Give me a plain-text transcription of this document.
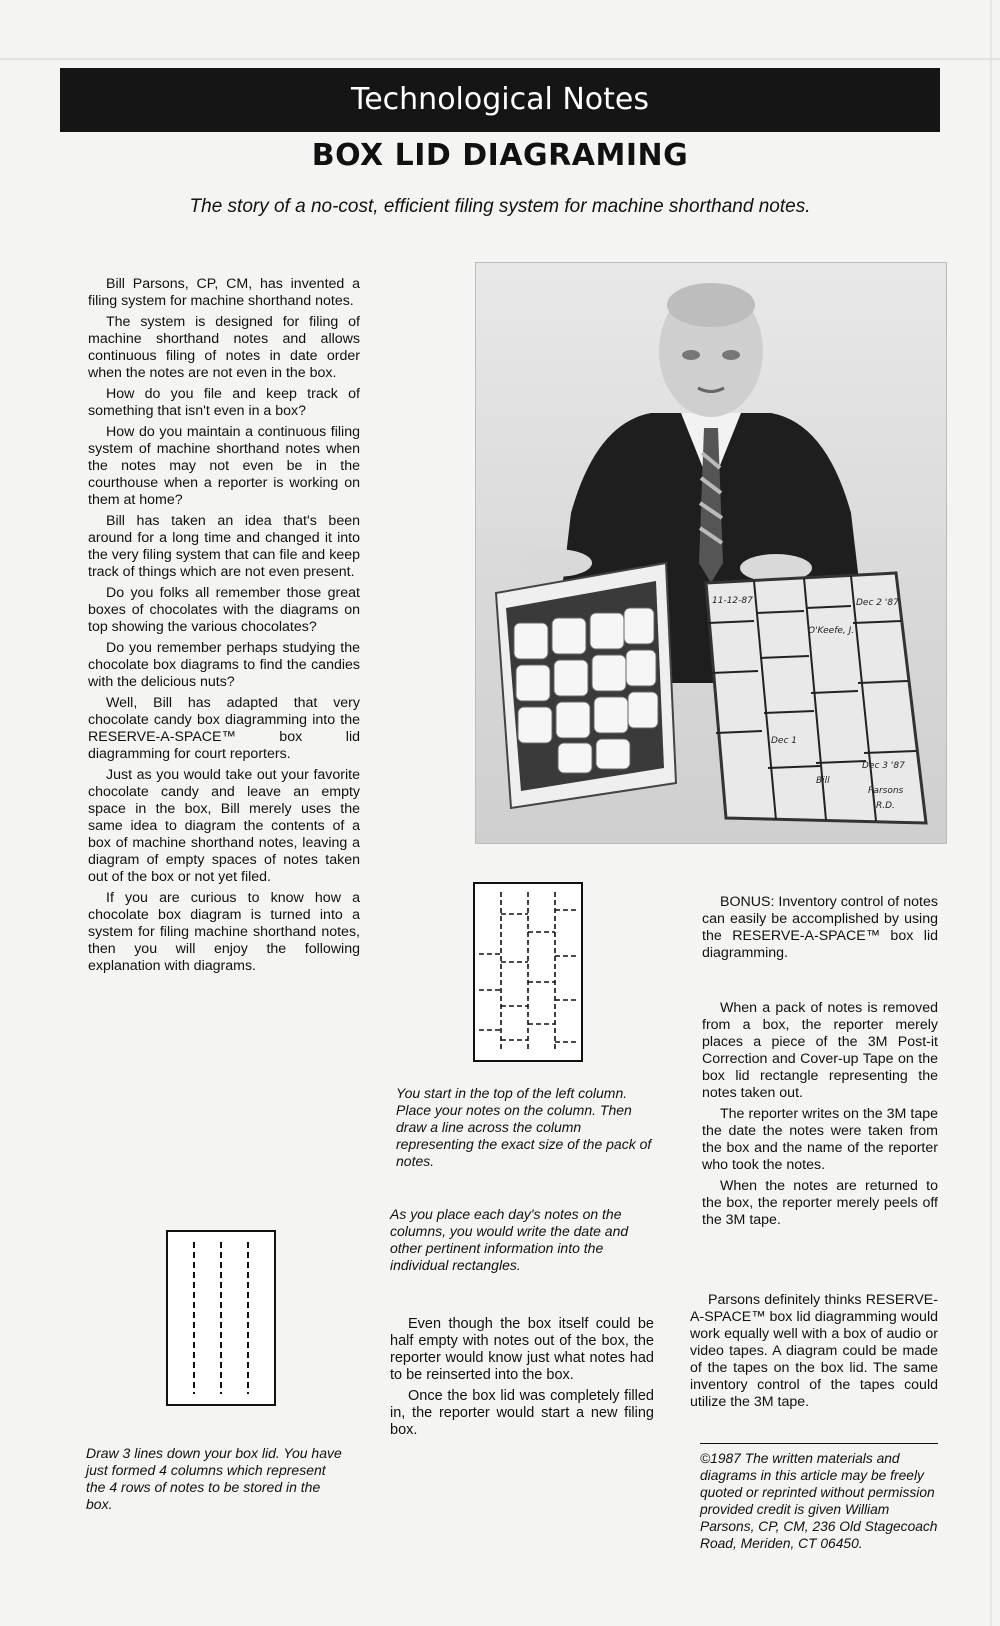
Technological Notes
BOX LID DIAGRAMING
The story of a no-cost, efficient filing system for machine shorthand notes.

Bill Parsons, CP, CM, has invented a filing system for machine shorthand notes.

The system is designed for filing of machine shorthand notes and allows continuous filing of notes in date order when the notes are not even in the box.

How do you file and keep track of something that isn't even in a box?

How do you maintain a continuous filing system of machine shorthand notes when the notes may not even be in the courthouse when a reporter is working on them at home?

Bill has taken an idea that's been around for a long time and changed it into the very filing system that can file and keep track of things which are not even present.

Do you folks all remember those great boxes of chocolates with the diagrams on top showing the various chocolates?

Do you remember perhaps studying the chocolate box diagrams to find the candies with the delicious nuts?

Well, Bill has adapted that very chocolate candy box diagramming into the RESERVE-A-SPACE™ box lid diagramming for court reporters.

Just as you would take out your favorite chocolate candy and leave an empty space in the box, Bill merely uses the same idea to diagram the contents of a box of machine shorthand notes, leaving a diagram of empty spaces of notes taken out of the box or not yet filed.

If you are curious to know how a chocolate box diagram is turned into a system for filing machine shorthand notes, then you will enjoy the following explanation with diagrams.

11-12-87	Dec 2 '87
O'Keefe, J.
Parsons
R.D.
Dec 1
Bill
Dec 3 '87
Draw 3 lines down your box lid. You have just formed 4 columns which represent the 4 rows of notes to be stored in the box.
You start in the top of the left column. Place your notes on the column. Then draw a line across the column representing the exact size of the pack of notes.
As you place each day's notes on the columns, you would write the date and other pertinent information into the individual rectangles.

Even though the box itself could be half empty with notes out of the box, the reporter would know just what notes had to be reinserted into the box.

Once the box lid was completely filled in, the reporter would start a new filing box.

BONUS: Inventory control of notes can easily be accomplished by using the RESERVE-A-SPACE™ box lid diagramming.

When a pack of notes is removed from a box, the reporter merely places a piece of the 3M Post-it Correction and Cover-up Tape on the box lid rectangle representing the notes taken out.

The reporter writes on the 3M tape the date the notes were taken from the box and the name of the reporter who took the notes.

When the notes are returned to the box, the reporter merely peels off the 3M tape.

Parsons definitely thinks RESERVE-A-SPACE™ box lid diagramming would work equally well with a box of audio or video tapes. A diagram could be made of the tapes on the box lid. The same inventory control of the tapes could utilize the 3M tape.

©1987 The written materials and diagrams in this article may be freely quoted or reprinted without permission provided credit is given William Parsons, CP, CM, 236 Old Stagecoach Road, Meriden, CT 06450.
